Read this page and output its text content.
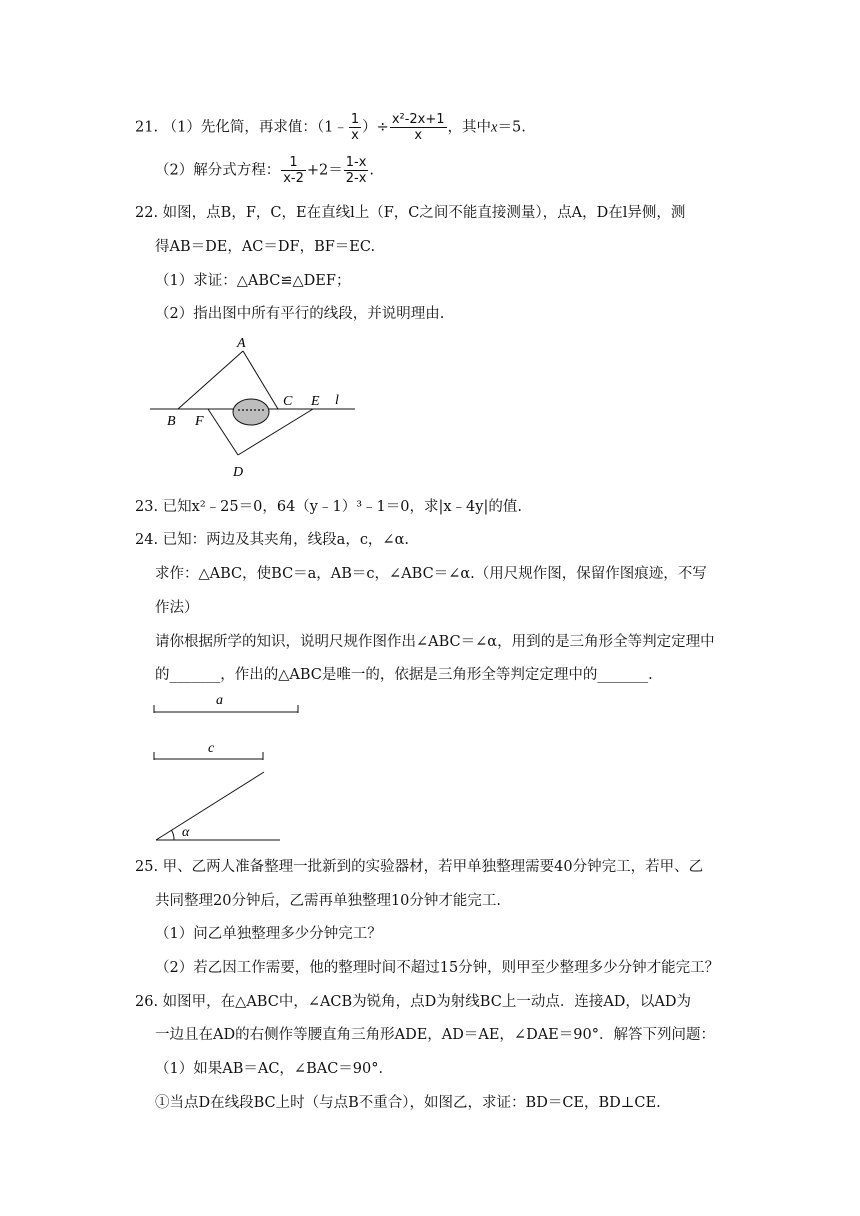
21. （1）先化简，再求值：（1﹣ $\frac{1}{x}$ ）÷ $\frac{\text{x²-2x+1}}{x}$ ，其中x＝5.
（2）解分式方程： $\frac{1}{x-2} +2= \frac{1-x}{2-x}$ .
22. 如图，点B，F，C，E在直线l上（F，C之间不能直接测量），点A，D在l异侧，测
得AB＝DE，AC＝DF，BF＝EC.
（1）求证：△ABC≌△DEF；
（2）指出图中所有平行的线段，并说明理由.
A
B F
C E l
D
23. 已知x²﹣25＝0，64（y﹣1）³﹣1＝0，求|x﹣4y|的值.
24. 已知：两边及其夹角，线段a，c，∠α.
求作：△ABC，使BC＝a，AB＝c，∠ABC＝∠α.（用尺规作图，保留作图痕迹，不写
作法）
请你根据所学的知识，说明尺规作图作出∠ABC＝∠α，用到的是三角形全等判定定理中
的_______，作出的△ABC是唯一的，依据是三角形全等判定定理中的_______.
a
c
α
25. 甲、乙两人准备整理一批新到的实验器材，若甲单独整理需要40分钟完工，若甲、乙
共同整理20分钟后，乙需再单独整理10分钟才能完工.
（1）问乙单独整理多少分钟完工？
（2）若乙因工作需要，他的整理时间不超过15分钟，则甲至少整理多少分钟才能完工？
26. 如图甲，在△ABC中，∠ACB为锐角，点D为射线BC上一动点．连接AD，以AD为
一边且在AD的右侧作等腰直角三角形ADE，AD＝AE，∠DAE＝90°．解答下列问题：
（1）如果AB＝AC，∠BAC＝90°．
①当点D在线段BC上时（与点B不重合），如图乙，求证：BD＝CE，BD⊥CE.
